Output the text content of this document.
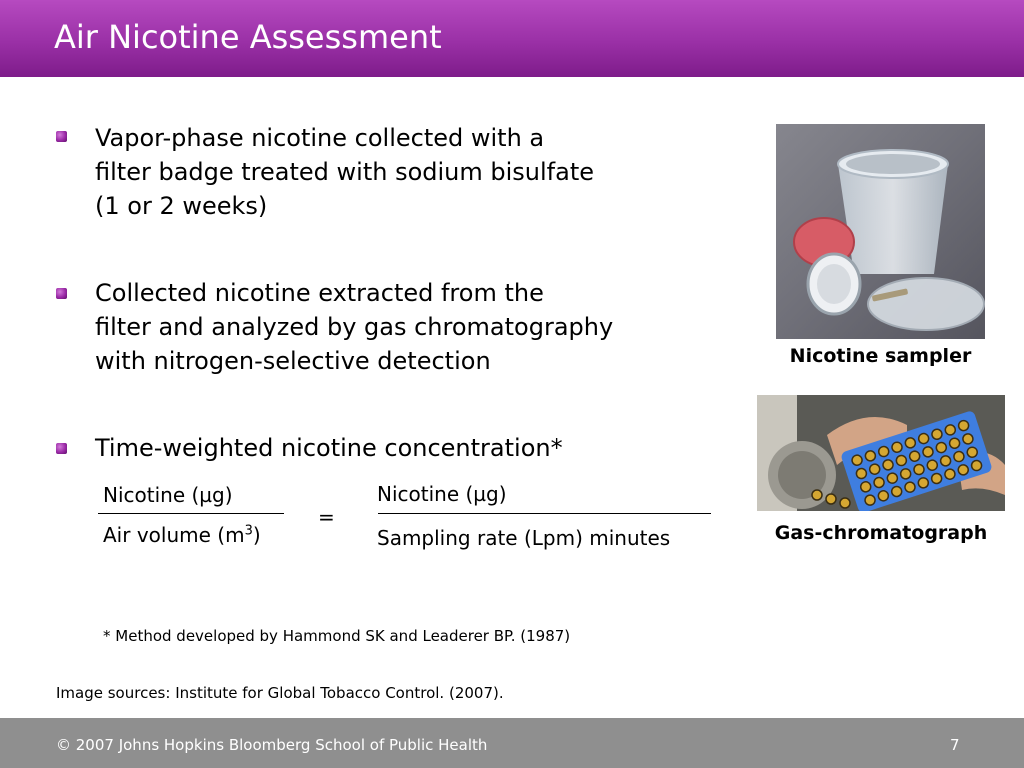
Air Nicotine Assessment
Vapor-phase nicotine collected with a
filter badge treated with sodium bisulfate
(1 or 2 weeks)
Collected nicotine extracted from the
filter and analyzed by gas chromatography
with nitrogen-selective detection
Time-weighted nicotine concentration*
Nicotine (µg)
Air volume $(m^3)$
=
Nicotine (µg)
Sampling rate (Lpm) minutes
* Method developed by Hammond SK and Leaderer BP. (1987)
Image sources: Institute for Global Tobacco Control. (2007).
Nicotine sampler
Gas-chromatograph
© 2007 Johns Hopkins Bloomberg School of Public Health	7
